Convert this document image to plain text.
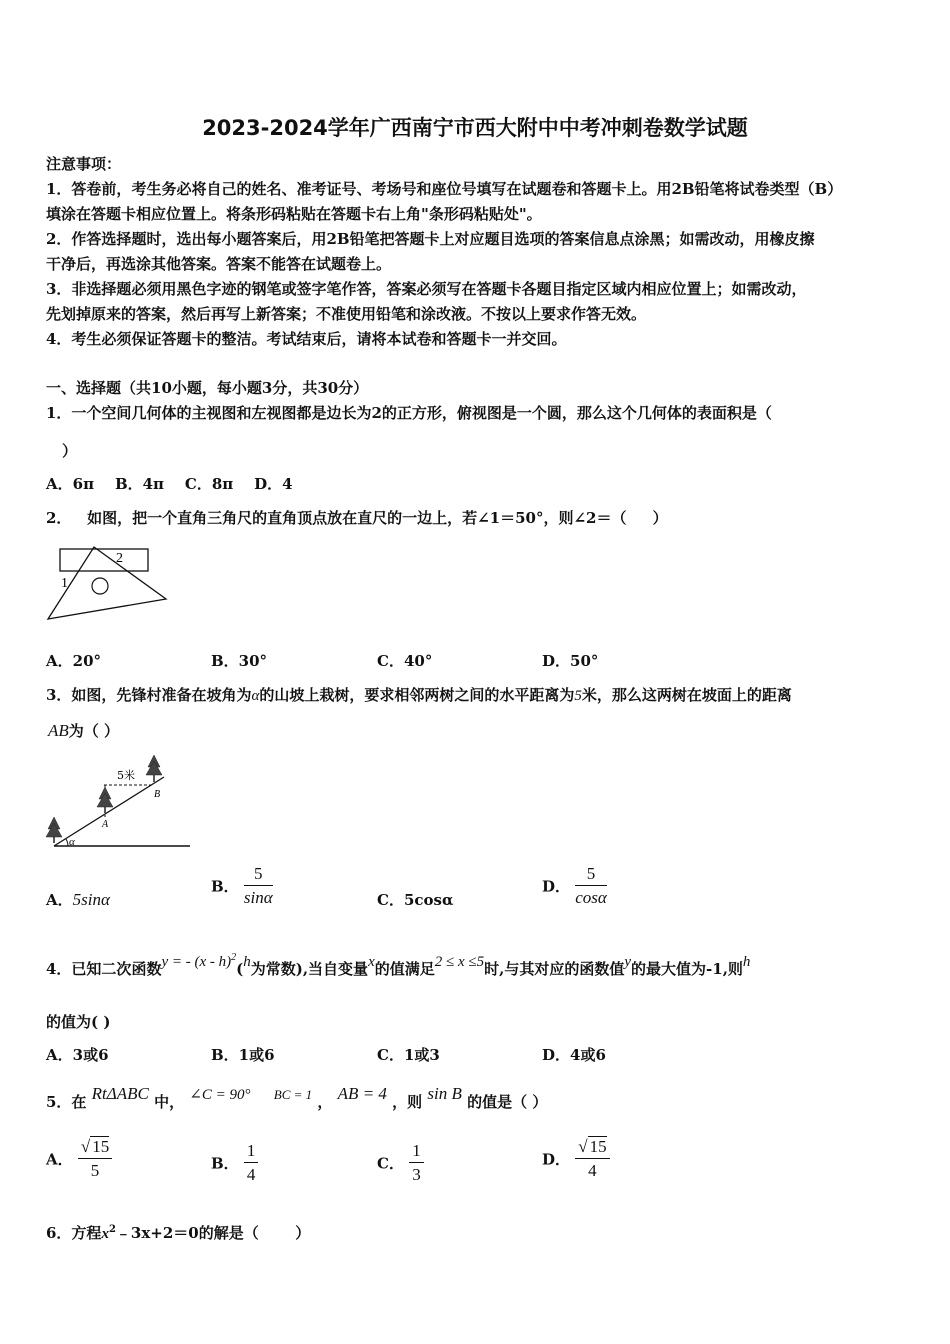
2023-2024学年广西南宁市西大附中中考冲刺卷数学试题
注意事项：
1．答卷前，考生务必将自己的姓名、准考证号、考场号和座位号填写在试题卷和答题卡上。用2B铅笔将试卷类型（B）
填涂在答题卡相应位置上。将条形码粘贴在答题卡右上角"条形码粘贴处"。
2．作答选择题时，选出每小题答案后，用2B铅笔把答题卡上对应题目选项的答案信息点涂黑；如需改动，用橡皮擦
干净后，再选涂其他答案。答案不能答在试题卷上。
3．非选择题必须用黑色字迹的钢笔或签字笔作答，答案必须写在答题卡各题目指定区域内相应位置上；如需改动，
先划掉原来的答案，然后再写上新答案；不准使用铅笔和涂改液。不按以上要求作答无效。
4．考生必须保证答题卡的整洁。考试结束后，请将本试卷和答题卡一并交回。
一、选择题（共10小题，每小题3分，共30分）
1．一个空间几何体的主视图和左视图都是边长为2的正方形，俯视图是一个圆，那么这个几何体的表面积是（
）
A．6π    B．4π    C．8π    D．4
2．   如图，把一个直角三角尺的直角顶点放在直尺的一边上，若∠1＝50°，则∠2＝（     ）
1
2
A．20°	B．30°	C．40°	D．50°
3．如图，先锋村准备在坡角为α的山坡上栽树，要求相邻两树之间的水平距离为5米，那么这两树在坡面上的距离
AB为（ ）
5米
A
B
α
A．5sinα
B． $\frac{5}{\sin\alpha}$	C．5cosα
D． $\frac{5}{\cos\alpha}$
4．已知二次函数y = - (x - h)$^2$(h为常数),当自变量x的值满足2 ≤ x ≤5时,与其对应的函数值y的最大值为-1,则h
的值为( )
A．3或6	B．1或6	C．1或3	D．4或6
5．在 RtΔABC 中， ∠C = 90° BC = 1 ， AB = 4 ，则 sin B 的值是（ ）
A． $\frac{√ 15}{5}$	B． $\frac{1}{4}$	C． $\frac{1}{3}$	D． $\frac{√ 15}{4}$
6．方程$x^2﹣3x+2=0$的解是（       ）
